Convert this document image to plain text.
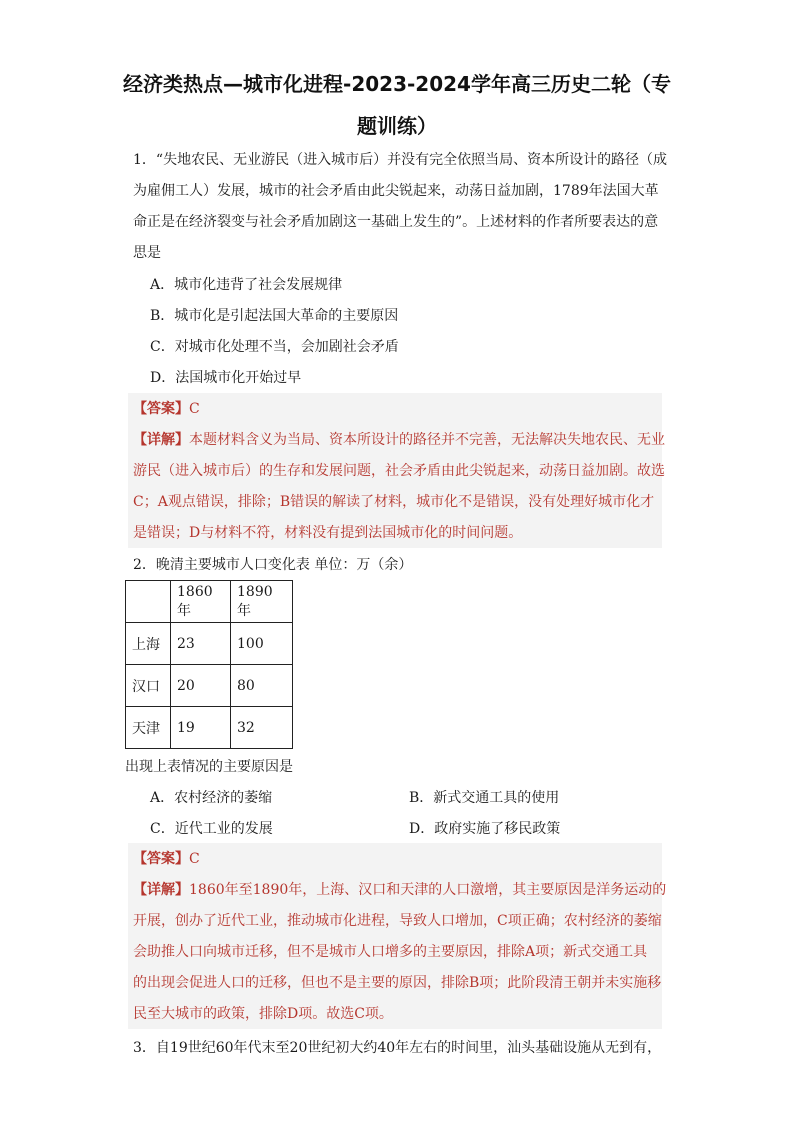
经济类热点—城市化进程-2023-2024学年高三历史二轮（专
题训练）
1．“失地农民、无业游民（进入城市后）并没有完全依照当局、资本所设计的路径（成
为雇佣工人）发展，城市的社会矛盾由此尖锐起来，动荡日益加剧，1789年法国大革
命正是在经济裂变与社会矛盾加剧这一基础上发生的”。上述材料的作者所要表达的意
思是
A．城市化违背了社会发展规律
B．城市化是引起法国大革命的主要原因
C．对城市化处理不当，会加剧社会矛盾
D．法国城市化开始过早
【答案】C
【详解】本题材料含义为当局、资本所设计的路径并不完善，无法解决失地农民、无业
游民（进入城市后）的生存和发展问题，社会矛盾由此尖锐起来，动荡日益加剧。故选
C；A观点错误，排除；B错误的解读了材料，城市化不是错误，没有处理好城市化才
是错误；D与材料不符，材料没有提到法国城市化的时间问题。
2．晚清主要城市人口变化表 单位：万（余）
	1860年	1890年
上海	23	100
汉口	20	80
天津	19	32
出现上表情况的主要原因是
A．农村经济的萎缩	B．新式交通工具的使用
C．近代工业的发展	D．政府实施了移民政策
【答案】C
【详解】1860年至1890年，上海、汉口和天津的人口激增，其主要原因是洋务运动的
开展，创办了近代工业，推动城市化进程，导致人口增加，C项正确；农村经济的萎缩
会助推人口向城市迁移，但不是城市人口增多的主要原因，排除A项；新式交通工具
的出现会促进人口的迁移，但也不是主要的原因，排除B项；此阶段清王朝并未实施移
民至大城市的政策，排除D项。故选C项。
3．自19世纪60年代末至20世纪初大约40年左右的时间里，汕头基础设施从无到有，
